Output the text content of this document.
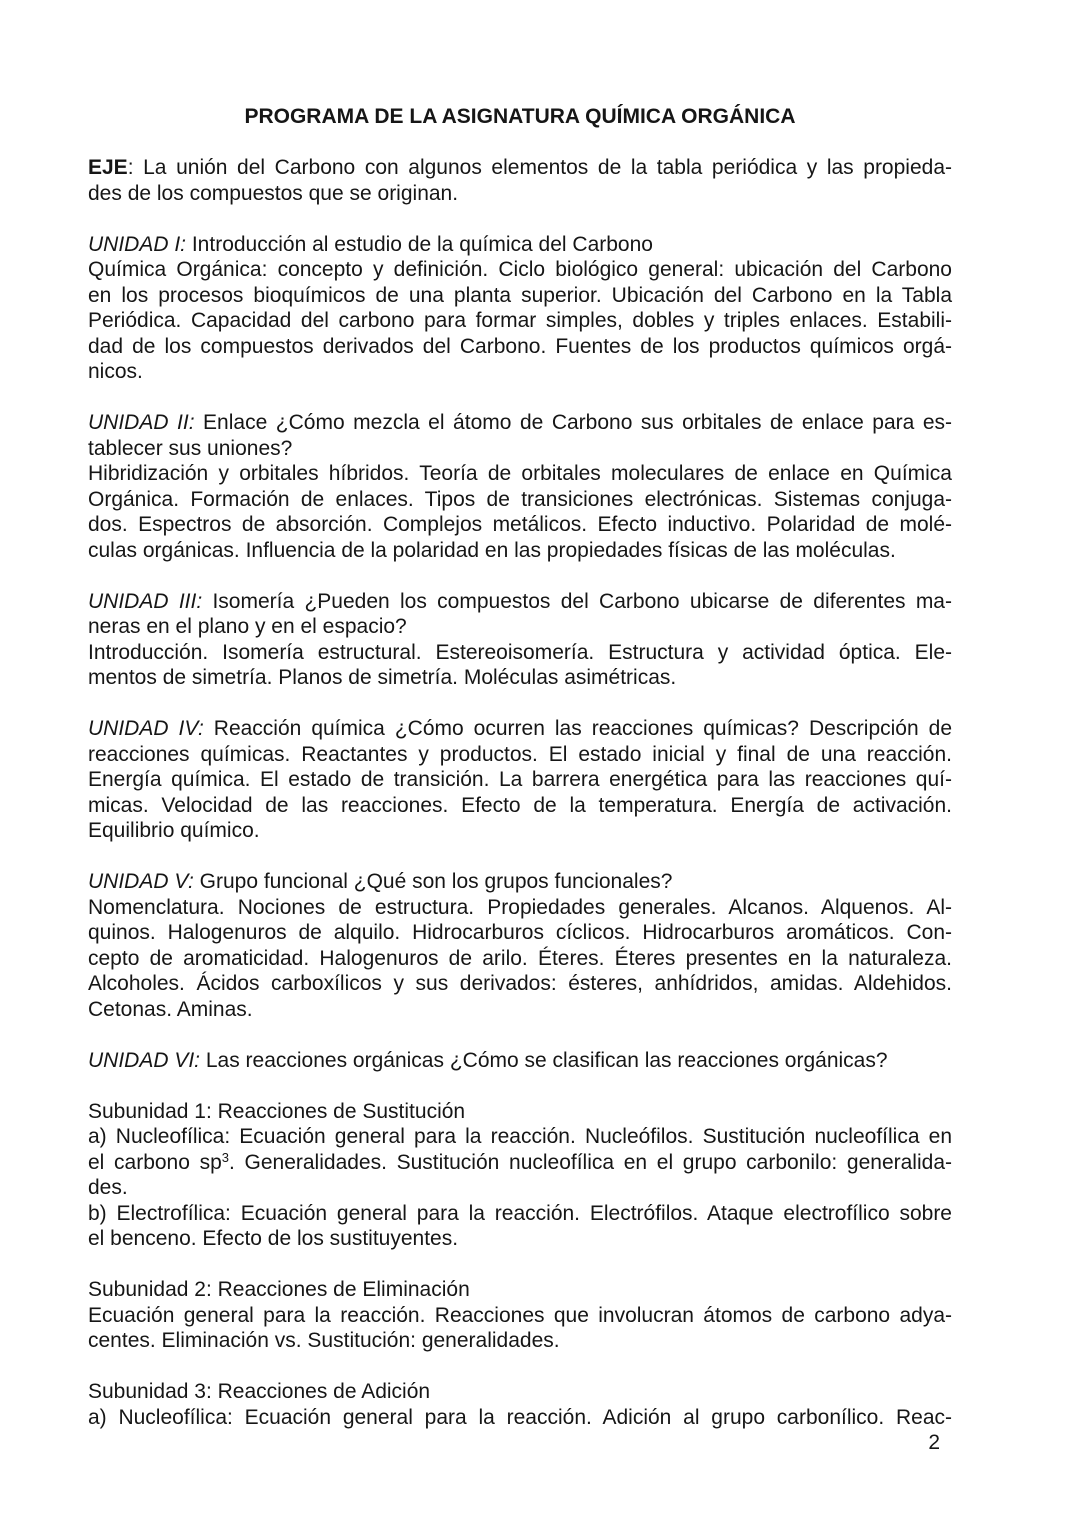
PROGRAMA DE LA ASIGNATURA QUÍMICA ORGÁNICA
EJE: La unión del Carbono con algunos elementos de la tabla periódica y las propieda-
des de los compuestos que se originan.
UNIDAD I: Introducción al estudio de la química del Carbono
Química Orgánica: concepto y definición. Ciclo biológico general: ubicación del Carbono
en los procesos bioquímicos de una planta superior. Ubicación del Carbono en la Tabla
Periódica. Capacidad del carbono para formar simples, dobles y triples enlaces. Estabili-
dad de los compuestos derivados del Carbono. Fuentes de los productos químicos orgá-
nicos.
UNIDAD II: Enlace ¿Cómo mezcla el átomo de Carbono sus orbitales de enlace para es-
tablecer sus uniones?
Hibridización y orbitales híbridos. Teoría de orbitales moleculares de enlace en Química
Orgánica. Formación de enlaces. Tipos de transiciones electrónicas. Sistemas conjuga-
dos. Espectros de absorción. Complejos metálicos. Efecto inductivo. Polaridad de molé-
culas orgánicas. Influencia de la polaridad en las propiedades físicas de las moléculas.
UNIDAD III: Isomería ¿Pueden los compuestos del Carbono ubicarse de diferentes ma-
neras en el plano y en el espacio?
Introducción. Isomería estructural. Estereoisomería. Estructura y actividad óptica. Ele-
mentos de simetría. Planos de simetría. Moléculas asimétricas.
UNIDAD IV: Reacción química ¿Cómo ocurren las reacciones químicas? Descripción de
reacciones químicas. Reactantes y productos. El estado inicial y final de una reacción.
Energía química. El estado de transición. La barrera energética para las reacciones quí-
micas. Velocidad de las reacciones. Efecto de la temperatura. Energía de activación.
Equilibrio químico.
UNIDAD V: Grupo funcional ¿Qué son los grupos funcionales?
Nomenclatura. Nociones de estructura. Propiedades generales. Alcanos. Alquenos. Al-
quinos. Halogenuros de alquilo. Hidrocarburos cíclicos. Hidrocarburos aromáticos. Con-
cepto de aromaticidad. Halogenuros de arilo. Éteres. Éteres presentes en la naturaleza.
Alcoholes. Ácidos carboxílicos y sus derivados: ésteres, anhídridos, amidas. Aldehidos.
Cetonas. Aminas.
UNIDAD VI: Las reacciones orgánicas ¿Cómo se clasifican las reacciones orgánicas?
Subunidad 1: Reacciones de Sustitución
a) Nucleofílica: Ecuación general para la reacción. Nucleófilos. Sustitución nucleofílica en
el carbono $sp^3$. Generalidades. Sustitución nucleofílica en el grupo carbonilo: generalida-
des.
b) Electrofílica: Ecuación general para la reacción. Electrófilos. Ataque electrofílico sobre
el benceno. Efecto de los sustituyentes.
Subunidad 2: Reacciones de Eliminación
Ecuación general para la reacción. Reacciones que involucran átomos de carbono adya-
centes. Eliminación vs. Sustitución: generalidades.
Subunidad 3: Reacciones de Adición
a) Nucleofílica: Ecuación general para la reacción. Adición al grupo carbonílico. Reac-
2
